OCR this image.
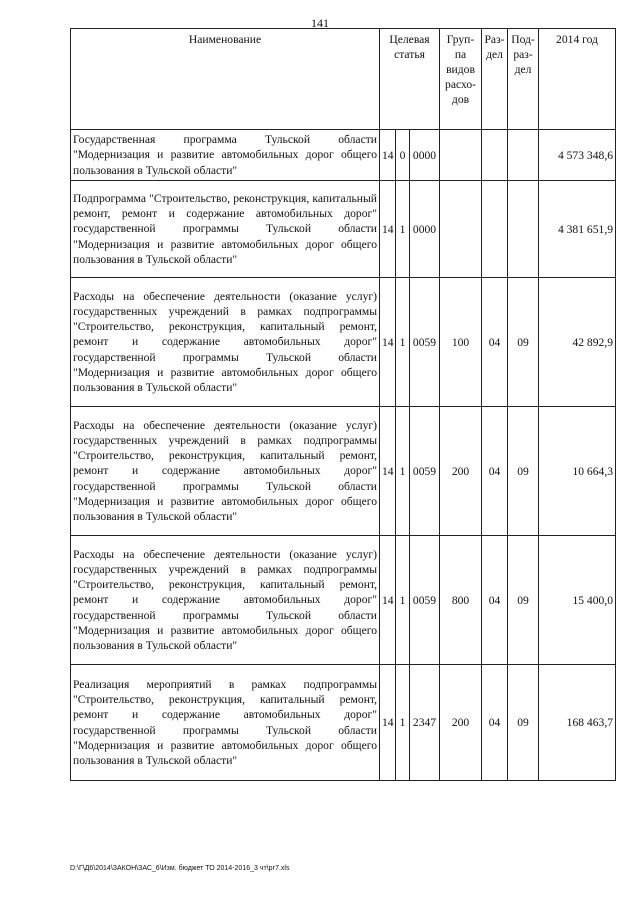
141
Наименование	Целевая статья			Груп-па видов расхо-дов	Раз-дел	Под-раз-дел	2014 год
Государственная программа Тульской области "Модернизация и развитие автомобильных дорог общего пользования в Тульской области"	14	0	0000				4 573 348,6
Подпрограмма "Строительство, реконструкция, капитальный ремонт, ремонт и содержание автомобильных дорог" государственной программы Тульской области "Модернизация и развитие автомобильных дорог общего пользования в Тульской области"	14	1	0000				4 381 651,9
Расходы на обеспечение деятельности (оказание услуг) государственных учреждений в рамках подпрограммы "Строительство, реконструкция, капитальный ремонт, ремонт и содержание автомобильных дорог" государственной программы Тульской области "Модернизация и развитие автомобильных дорог общего пользования в Тульской области"	14	1	0059	100	04	09	42 892,9
Расходы на обеспечение деятельности (оказание услуг) государственных учреждений в рамках подпрограммы "Строительство, реконструкция, капитальный ремонт, ремонт и содержание автомобильных дорог" государственной программы Тульской области "Модернизация и развитие автомобильных дорог общего пользования в Тульской области"	14	1	0059	200	04	09	10 664,3
Расходы на обеспечение деятельности (оказание услуг) государственных учреждений в рамках подпрограммы "Строительство, реконструкция, капитальный ремонт, ремонт и содержание автомобильных дорог" государственной программы Тульской области "Модернизация и развитие автомобильных дорог общего пользования в Тульской области"	14	1	0059	800	04	09	15 400,0
Реализация мероприятий в рамках подпрограммы "Строительство, реконструкция, капитальный ремонт, ремонт и содержание автомобильных дорог" государственной программы Тульской области "Модернизация и развитие автомобильных дорог общего пользования в Тульской области"	14	1	2347	200	04	09	168 463,7
D:\Г\Д6\2014\ЗАКОН\ЗАС_6\Изм. бюджет ТО 2014-2016_3 чт\рг7.xls
